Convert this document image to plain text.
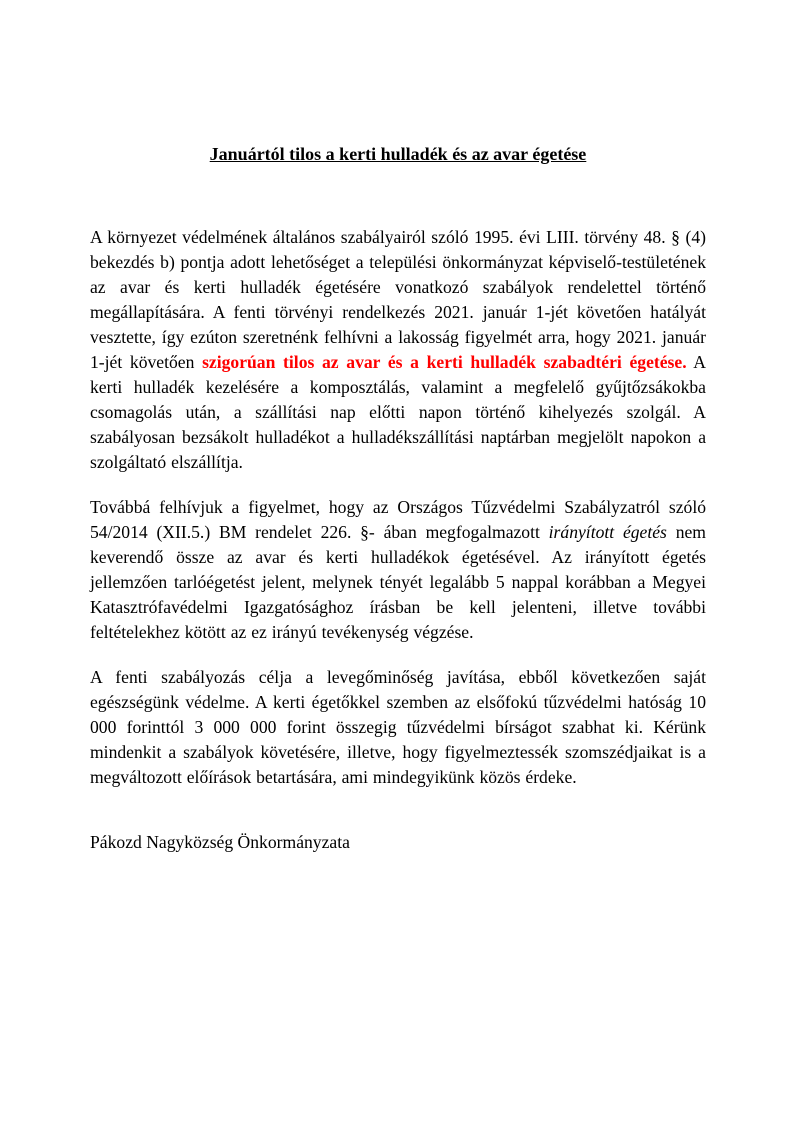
Januártól tilos a kerti hulladék és az avar égetése

A környezet védelmének általános szabályairól szóló 1995. évi LIII. törvény 48. § (4) bekezdés b) pontja adott lehetőséget a települési önkormányzat képviselő-testületének az avar és kerti hulladék égetésére vonatkozó szabályok rendelettel történő megállapítására. A fenti törvényi rendelkezés 2021. január 1-jét követően hatályát vesztette, így ezúton szeretnénk felhívni a lakosság figyelmét arra, hogy 2021. január 1-jét követően szigorúan tilos az avar és a kerti hulladék szabadtéri égetése. A kerti hulladék kezelésére a komposztálás, valamint a megfelelő gyűjtőzsákokba csomagolás után, a szállítási nap előtti napon történő kihelyezés szolgál. A szabályosan bezsákolt hulladékot a hulladékszállítási naptárban megjelölt napokon a szolgáltató elszállítja.

Továbbá felhívjuk a figyelmet, hogy az Országos Tűzvédelmi Szabályzatról szóló 54/2014 (XII.5.) BM rendelet 226. §- ában megfogalmazott irányított égetés nem keverendő össze az avar és kerti hulladékok égetésével. Az irányított égetés jellemzően tarlóégetést jelent, melynek tényét legalább 5 nappal korábban a Megyei Katasztrófavédelmi Igazgatósághoz írásban be kell jelenteni, illetve további feltételekhez kötött az ez irányú tevékenység végzése.

A fenti szabályozás célja a levegőminőség javítása, ebből következően saját egészségünk védelme. A kerti égetőkkel szemben az elsőfokú tűzvédelmi hatóság 10 000 forinttól 3 000 000 forint összegig tűzvédelmi bírságot szabhat ki. Kérünk mindenkit a szabályok követésére, illetve, hogy figyelmeztessék szomszédjaikat is a megváltozott előírások betartására, ami mindegyikünk közös érdeke.

Pákozd Nagyközség Önkormányzata
